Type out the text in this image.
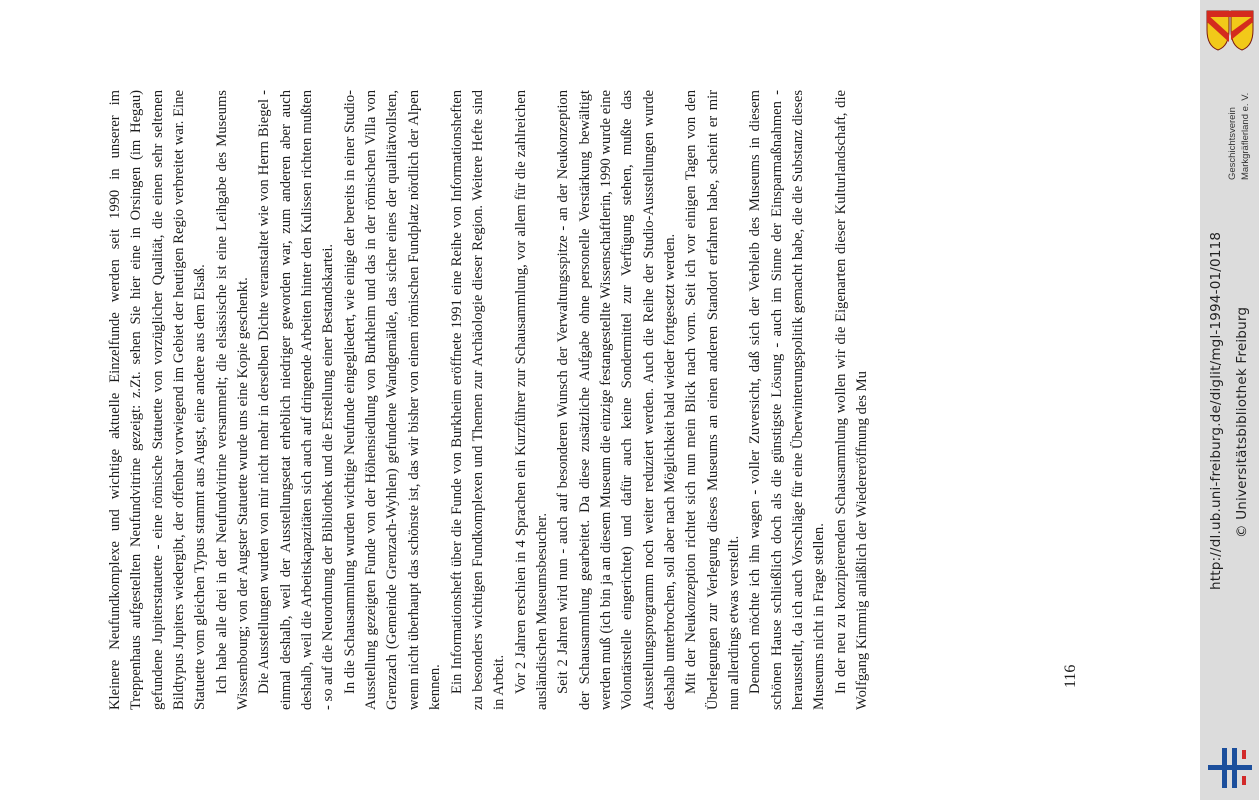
Kleinere Neufundkomplexe und wichtige aktuelle Einzelfunde werden seit 1990 in unserer im Treppenhaus aufgestellten Neufundvitrine gezeigt: z.Zt. sehen Sie hier eine in Orsingen (im Hegau) gefundene Jupiterstatuette - eine römische Statuette von vorzüglicher Qualität, die einen sehr seltenen Bildtypus Jupiters wiedergibt, der offenbar vorwiegend im Gebiet der heutigen Regio verbreitet war. Eine Statuette vom gleichen Typus stammt aus Augst, eine andere aus dem Elsaß. Ich habe alle drei in der Neufundvitrine versammelt; die elsässische ist eine Leihgabe des Museums Wissembourg; von der Augster Statuette wurde uns eine Kopie geschenkt. Die Ausstellungen wurden von mir nicht mehr in derselben Dichte veranstaltet wie von Herrn Biegel - einmal deshalb, weil der Ausstellungsetat erheblich niedriger geworden war, zum anderen aber auch deshalb, weil die Arbeitskapazitäten sich auch auf dringende Arbeiten hinter den Kulissen richten mußten - so auf die Neuordnung der Bibliothek und die Erstellung einer Bestandskartei. In die Schausammlung wurden wichtige Neufunde eingegliedert, wie einige der bereits in einer Studio-Ausstellung gezeigten Funde von der Höhensiedlung von Burkheim und das in der römischen Villa von Grenzach (Gemeinde Grenzach-Wyhlen) gefundene Wandgemälde, das sicher eines der qualitätvollsten, wenn nicht überhaupt das schönste ist, das wir bisher von einem römischen Fundplatz nördlich der Alpen kennen. Ein Informationsheft über die Funde von Burkheim eröffnete 1991 eine Reihe von Informationsheften zu besonders wichtigen Fundkomplexen und Themen zur Archäologie dieser Region. Weitere Hefte sind in Arbeit. Vor 2 Jahren erschien in 4 Sprachen ein Kurzführer zur Schausammlung, vor allem für die zahlreichen ausländischen Museumsbesucher. Seit 2 Jahren wird nun - auch auf besonderen Wunsch der Verwaltungsspitze - an der Neukonzeption der Schausammlung gearbeitet. Da diese zusätzliche Aufgabe ohne personelle Verstärkung bewältigt werden muß (ich bin ja an diesem Museum die einzige festangestellte Wissenschaftlerin, 1990 wurde eine Volontärstelle eingerichtet) und dafür auch keine Sondermittel zur Verfügung stehen, mußte das Ausstellungsprogramm noch weiter reduziert werden. Auch die Reihe der Studio-Ausstellungen wurde deshalb unterbrochen, soll aber nach Möglichkeit bald wieder fortgesetzt werden. Mit der Neukonzeption richtet sich nun mein Blick nach vorn. Seit ich vor einigen Tagen von den Überlegungen zur Verlegung dieses Museums an einen anderen Standort erfahren habe, scheint er mir nun allerdings etwas verstellt. Dennoch möchte ich ihn wagen - voller Zuversicht, daß sich der Verbleib des Museums in diesem schönen Hause schließlich doch als die günstigste Lösung - auch im Sinne der Einsparmaßnahmen - herausstellt, da ich auch Vorschläge für eine Überwinterungspolitik gemacht habe, die die Substanz dieses Museums nicht in Frage stellen. In der neu zu konzipierenden Schausammlung wollen wir die Eigenarten dieser Kulturlandschaft, die Wolfgang Kimmig anläßlich der Wiedereröffnung des Mu	116
http://dl.ub.uni-freiburg.de/diglit/mgl-1994-01/0118 © Universitätsbibliothek Freiburg
Geschichtsverein Markgräflerland e. V.
